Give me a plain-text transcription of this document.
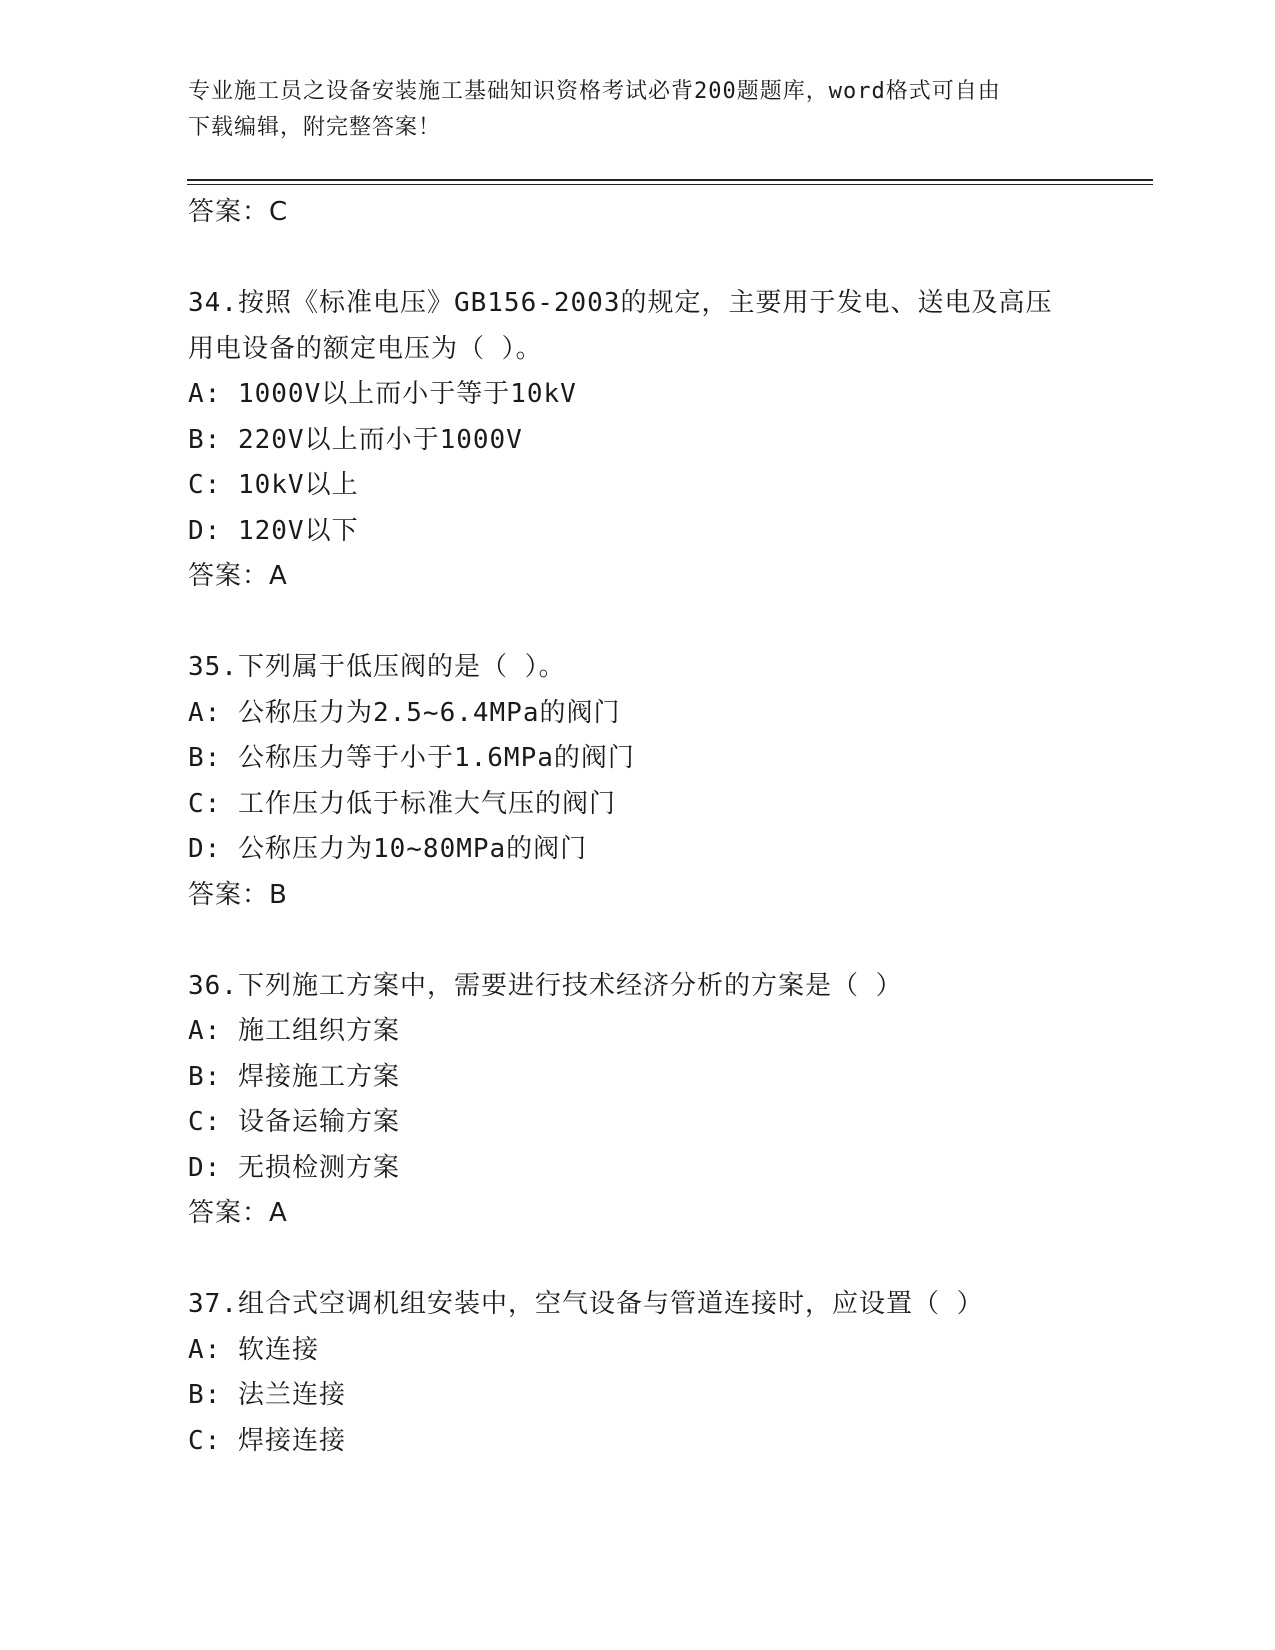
专业施工员之设备安装施工基础知识资格考试必背200题题库，word格式可自由
下载编辑，附完整答案！
答案：C
34.按照《标准电压》GB156-2003的规定，主要用于发电、送电及高压
用电设备的额定电压为（ ）。
A: 1000V以上而小于等于10kV
B: 220V以上而小于1000V
C: 10kV以上
D: 120V以下
答案：A
35.下列属于低压阀的是（ ）。
A: 公称压力为2.5~6.4MPa的阀门
B: 公称压力等于小于1.6MPa的阀门
C: 工作压力低于标准大气压的阀门
D: 公称压力为10~80MPa的阀门
答案：B
36.下列施工方案中，需要进行技术经济分析的方案是（ ）
A: 施工组织方案
B: 焊接施工方案
C: 设备运输方案
D: 无损检测方案
答案：A
37.组合式空调机组安装中，空气设备与管道连接时，应设置（ ）
A: 软连接
B: 法兰连接
C: 焊接连接
